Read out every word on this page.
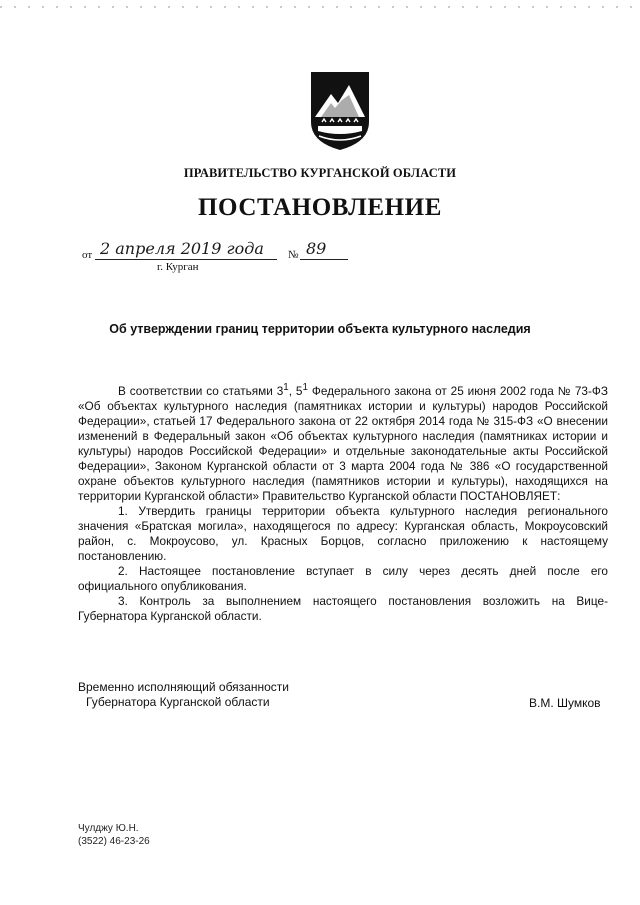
ПРАВИТЕЛЬСТВО КУРГАНСКОЙ ОБЛАСТИ
ПОСТАНОВЛЕНИЕ
от 2 апреля 2019 года № 89
г. Курган
Об утверждении границ территории объекта культурного наследия

В соответствии со статьями $3^1$, $5^1$ Федерального закона от 25 июня 2002 года № 73-ФЗ «Об объектах культурного наследия (памятниках истории и культуры) народов Российской Федерации», статьей 17 Федерального закона от 22 октября 2014 года № 315-ФЗ «О внесении изменений в Федеральный закон «Об объектах культурного наследия (памятниках истории и культуры) народов Российской Федерации» и отдельные законодательные акты Российской Федерации», Законом Курганской области от 3 марта 2004 года № 386 «О государственной охране объектов культурного наследия (памятников истории и культуры), находящихся на территории Курганской области» Правительство Курганской области ПОСТАНОВЛЯЕТ:

1. Утвердить границы территории объекта культурного наследия регионального значения «Братская могила», находящегося по адресу: Курганская область, Мокроусовский район, с. Мокроусово, ул. Красных Борцов, согласно приложению к настоящему постановлению.

2. Настоящее постановление вступает в силу через десять дней после его официального опубликования.

3. Контроль за выполнением настоящего постановления возложить на Вице-Губернатора Курганской области.

Временно исполняющий обязанности
Губернатора Курганской области	В.М. Шумков
Чулджу Ю.Н.
(3522) 46-23-26
